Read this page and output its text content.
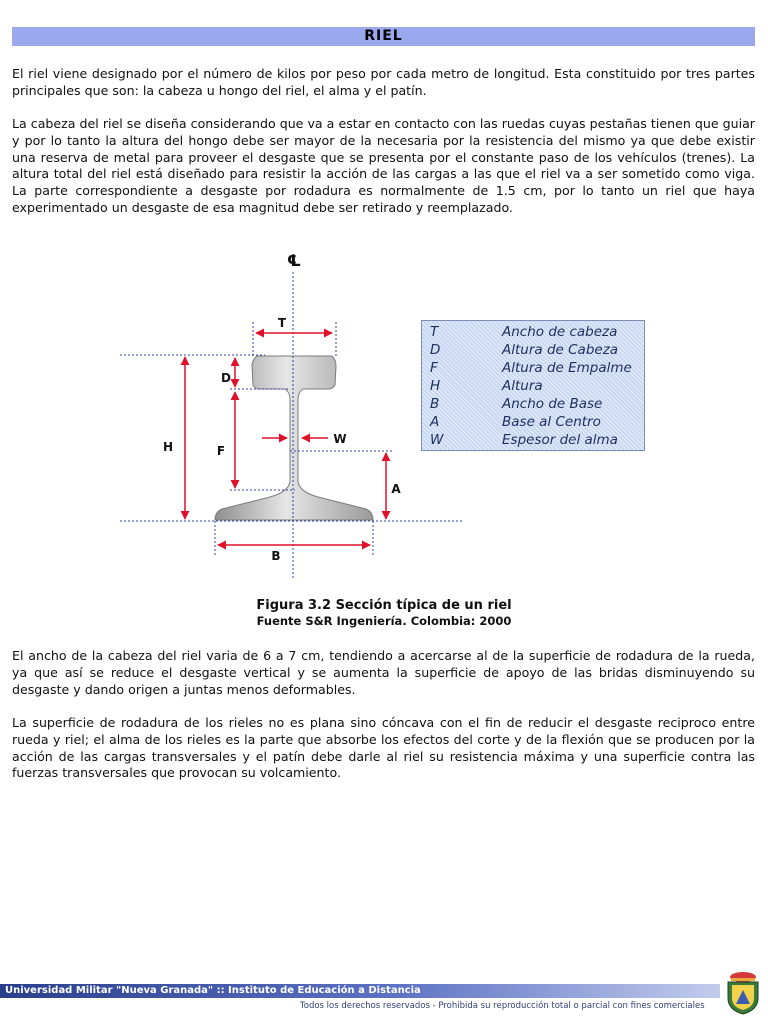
RIEL

El riel viene designado por el número de kilos por peso por cada metro de longitud. Esta constituido por tres partes principales que son: la cabeza u hongo del riel, el alma y el patín.

La cabeza del riel se diseña considerando que va a estar en contacto con las ruedas cuyas pestañas tienen que guiar y por lo tanto la altura del hongo debe ser mayor de la necesaria por la resistencia del mismo ya que debe existir una reserva de metal para proveer el desgaste que se presenta por el constante paso de los vehículos (trenes). La altura total del riel está diseñado para resistir la acción de las cargas a las que el riel va a ser sometido como viga. La parte correspondiente a desgaste por rodadura es normalmente de 1.5 cm, por lo tanto un riel que haya experimentado un desgaste de esa magnitud debe ser retirado y reemplazado.

℄
T
D
H	F
W
A
B
T	Ancho de cabeza
D	Altura de Cabeza
F	Altura de Empalme
H	Altura
B	Ancho de Base
A	Base al Centro
W	Espesor del alma
Figura 3.2 Sección típica de un riel
Fuente S&R Ingeniería. Colombia: 2000

El ancho de la cabeza del riel varia de 6 a 7 cm, tendiendo a acercarse al de la superficie de rodadura de la rueda, ya que así se reduce el desgaste vertical y se aumenta la superficie de apoyo de las bridas disminuyendo su desgaste y dando origen a juntas menos deformables.

La superficie de rodadura de los rieles no es plana sino cóncava con el fin de reducir el desgaste reciproco entre rueda y riel; el alma de los rieles es la parte que absorbe los efectos del corte y de la flexión que se producen por la acción de las cargas transversales y el patín debe darle al riel su resistencia máxima y una superficie contra las fuerzas transversales que provocan su volcamiento.

Universidad Militar "Nueva Granada" :: Instituto de Educación a Distancia
Todos los derechos reservados - Prohibida su reproducción total o parcial con fines comerciales
